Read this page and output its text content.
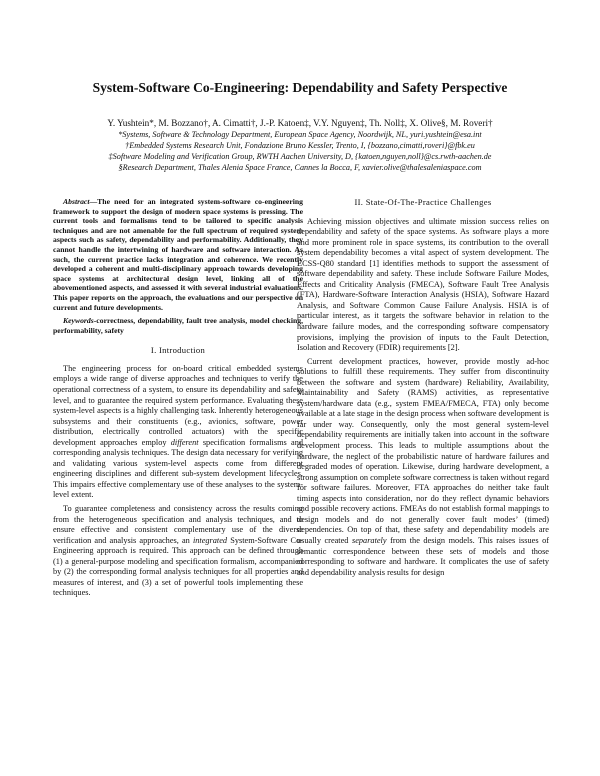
System-Software Co-Engineering: Dependability and Safety Perspective
Y. Yushtein*, M. Bozzano†, A. Cimatti†, J.-P. Katoen‡, V.Y. Nguyen‡, Th. Noll‡, X. Olive§, M. Roveri†
*Systems, Software & Technology Department, European Space Agency, Noordwijk, NL, yuri.yushtein@esa.int
†Embedded Systems Research Unit, Fondazione Bruno Kessler, Trento, I, {bozzano,cimatti,roveri}@fbk.eu
‡Software Modeling and Verification Group, RWTH Aachen University, D, {katoen,nguyen,noll}@cs.rwth-aachen.de
§Research Department, Thales Alenia Space France, Cannes la Bocca, F, xavier.olive@thalesaleniaspace.com

Abstract—The need for an integrated system-software co-engineering framework to support the design of modern space systems is pressing. The current tools and formalisms tend to be tailored to specific analysis techniques and are not amenable for the full spectrum of required system aspects such as safety, dependability and performability. Additionally, they cannot handle the intertwining of hardware and software interaction. As such, the current practice lacks integration and coherence. We recently developed a coherent and multi-disciplinary approach towards developing space systems at architectural design level, linking all of the abovementioned aspects, and assessed it with several industrial evaluations. This paper reports on the approach, the evaluations and our perspective on current and future developments.

Keywords-correctness, dependability, fault tree analysis, model checking, performability, safety

I. Introduction

The engineering process for on-board critical embedded systems employs a wide range of diverse approaches and techniques to verify the operational correctness of a system, to ensure its dependability and safety level, and to guarantee the required system performance. Evaluating these system-level aspects is a highly challenging task. Inherently heterogeneous subsystems and their constituents (e.g., avionics, software, power distribution, electrically controlled actuators) with the specific development approaches employ different specification formalisms and corresponding analysis techniques. The design data necessary for verifying and validating various system-level aspects come from different engineering disciplines and different sub-system development lifecycles. This impairs effective complementary use of these analyses to the system-level extent.

To guarantee completeness and consistency across the results coming from the heterogeneous specification and analysis techniques, and to ensure effective and consistent complementary use of the diverse verification and analysis approaches, an integrated System-Software Co-Engineering approach is required. This approach can be defined through (1) a general-purpose modeling and specification formalism, accompanied by (2) the corresponding formal analysis techniques for all properties and measures of interest, and (3) a set of powerful tools implementing these techniques.

II. State-Of-The-Practice Challenges

Achieving mission objectives and ultimate mission success relies on dependability and safety of the space systems. As software plays a more and more prominent role in space systems, its contribution to the overall system dependability becomes a vital aspect of system development. The ECSS-Q80 standard [1] identifies methods to support the assessment of software dependability and safety. These include Software Failure Modes, Effects and Criticality Analysis (FMECA), Software Fault Tree Analysis (FTA), Hardware-Software Interaction Analysis (HSIA), Software Hazard Analysis, and Software Common Cause Failure Analysis. HSIA is of particular interest, as it targets the software behavior in relation to the hardware failure modes, and the corresponding software compensatory provisions, implying the provision of inputs to the Fault Detection, Isolation and Recovery (FDIR) requirements [2].

Current development practices, however, provide mostly ad-hoc solutions to fulfill these requirements. They suffer from discontinuity between the software and system (hardware) Reliability, Availability, Maintainability and Safety (RAMS) activities, as representative system/hardware data (e.g., system FMEA/FMECA, FTA) only become available at a late stage in the design process when software development is far under way. Consequently, only the most general system-level dependability requirements are initially taken into account in the software development process. This leads to multiple assumptions about the hardware, the neglect of the probabilistic nature of hardware failures and degraded modes of operation. Likewise, during hardware development, a strong assumption on complete software correctness is taken without regard for software failures. Moreover, FTA approaches do neither take fault timing aspects into consideration, nor do they reflect dynamic behaviors and possible recovery actions. FMEAs do not establish formal mappings to design models and do not generally cover fault modes’ (timed) dependencies. On top of that, these safety and dependability models are usually created separately from the design models. This raises issues of semantic correspondence between these sets of models and those corresponding to software and hardware. It complicates the use of safety and dependability analysis results for design
